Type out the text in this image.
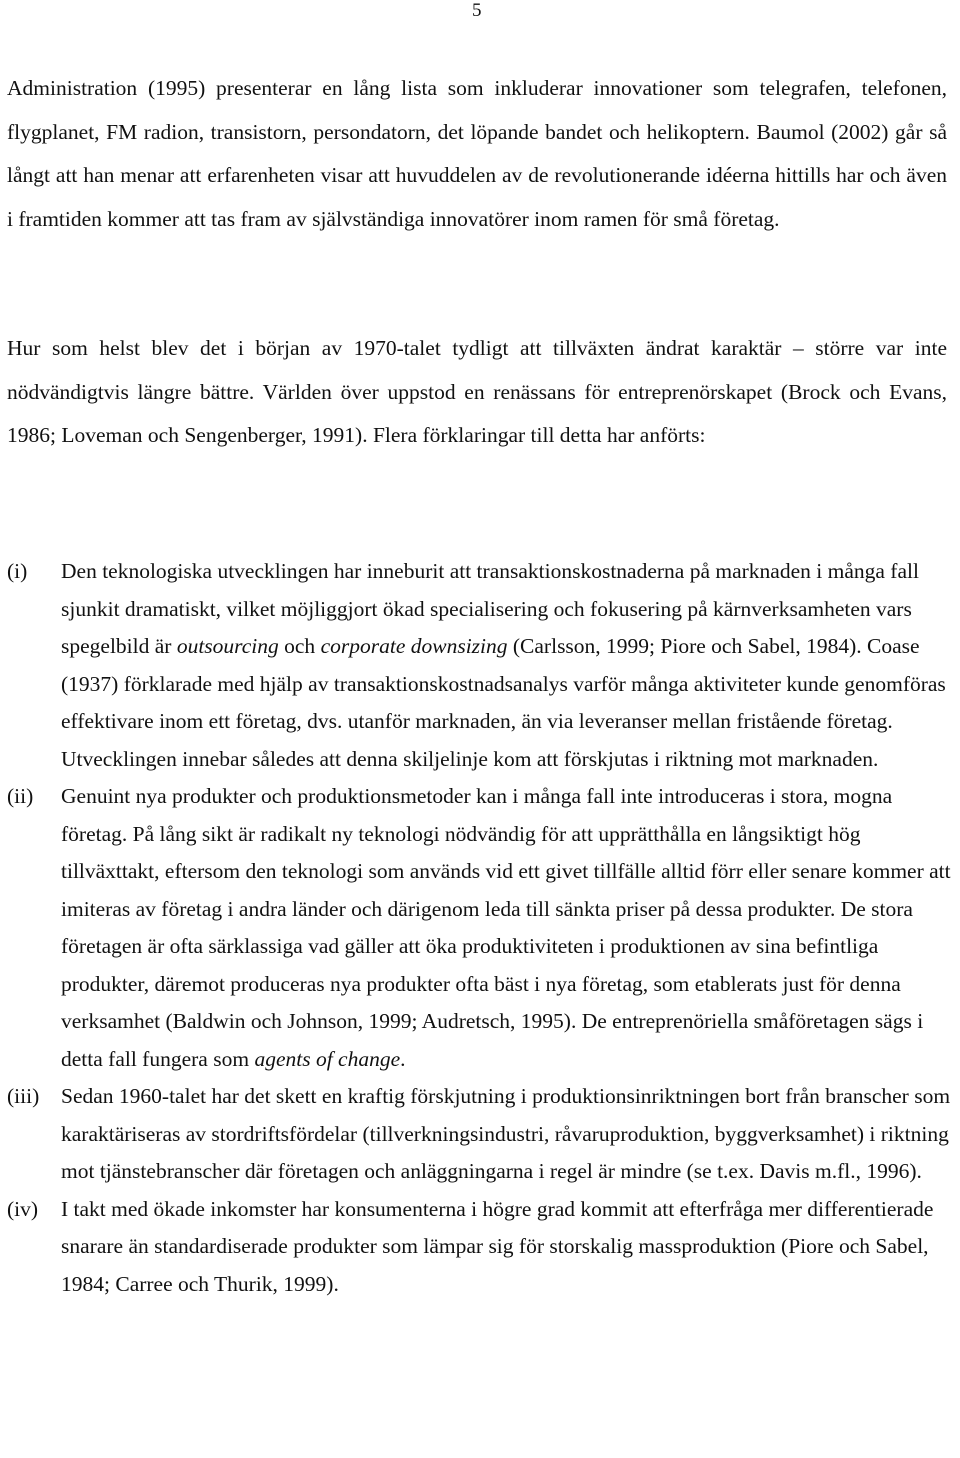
5

Administration (1995) presenterar en lång lista som inkluderar innovationer som telegrafen, telefonen, flygplanet, FM radion, transistorn, persondatorn, det löpande bandet och helikoptern. Baumol (2002) går så långt att han menar att erfarenheten visar att huvuddelen av de revolutionerande idéerna hittills har och även i framtiden kommer att tas fram av självständiga innovatörer inom ramen för små företag.

Hur som helst blev det i början av 1970-talet tydligt att tillväxten ändrat karaktär – större var inte nödvändigtvis längre bättre. Världen över uppstod en renässans för entreprenörskapet (Brock och Evans, 1986; Loveman och Sengenberger, 1991). Flera förklaringar till detta har anförts:

(i)	Den teknologiska utvecklingen har inneburit att transaktionskostnaderna på marknaden i många fall sjunkit dramatiskt, vilket möjliggjort ökad specialisering och fokusering på kärnverksamheten vars spegelbild är outsourcing och corporate downsizing (Carlsson, 1999; Piore och Sabel, 1984). Coase (1937) förklarade med hjälp av transaktionskostnadsanalys varför många aktiviteter kunde genomföras effektivare inom ett företag, dvs. utanför marknaden, än via leveranser mellan fristående företag. Utvecklingen innebar således att denna skiljelinje kom att förskjutas i riktning mot marknaden.
(ii)	Genuint nya produkter och produktionsmetoder kan i många fall inte introduceras i stora, mogna företag. På lång sikt är radikalt ny teknologi nödvändig för att upprätthålla en långsiktigt hög tillväxttakt, eftersom den teknologi som används vid ett givet tillfälle alltid förr eller senare kommer att imiteras av företag i andra länder och därigenom leda till sänkta priser på dessa produkter. De stora företagen är ofta särklassiga vad gäller att öka produktiviteten i produktionen av sina befintliga produkter, däremot produceras nya produkter ofta bäst i nya företag, som etablerats just för denna verksamhet (Baldwin och Johnson, 1999; Audretsch, 1995). De entreprenöriella småföretagen sägs i detta fall fungera som agents of change.
(iii)	Sedan 1960-talet har det skett en kraftig förskjutning i produktionsinriktningen bort från branscher som karaktäriseras av stordriftsfördelar (tillverkningsindustri, råvaruproduktion, byggverksamhet) i riktning mot tjänstebranscher där företagen och anläggningarna i regel är mindre (se t.ex. Davis m.fl., 1996).
(iv)	I takt med ökade inkomster har konsumenterna i högre grad kommit att efterfråga mer differentierade snarare än standardiserade produkter som lämpar sig för storskalig massproduktion (Piore och Sabel, 1984; Carree och Thurik, 1999).
